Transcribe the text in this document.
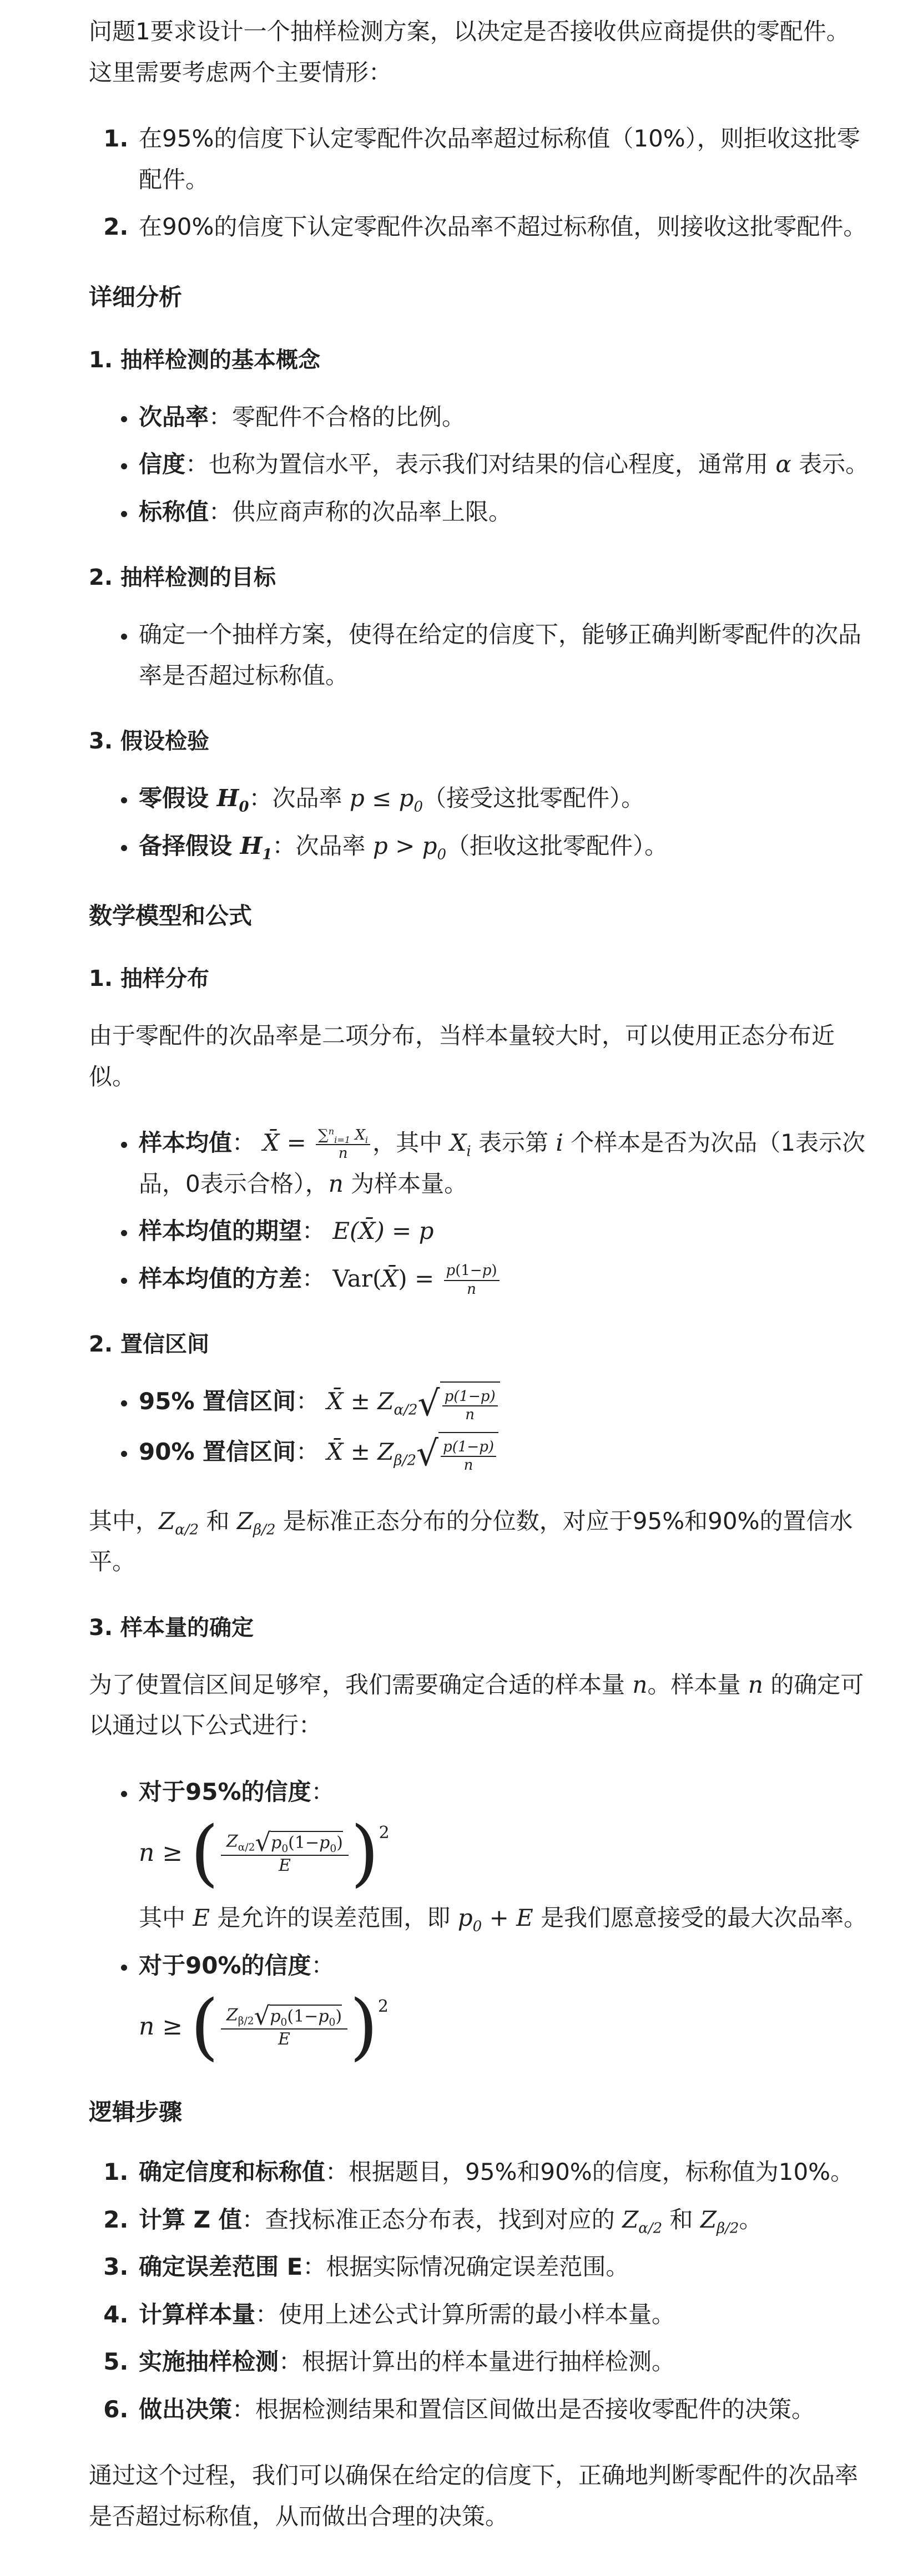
问题1要求设计一个抽样检测方案，以决定是否接收供应商提供的零配件。这里需要考虑两个主要情形：

1. 在95%的信度下认定零配件次品率超过标称值（10%），则拒收这批零配件。
2. 在90%的信度下认定零配件次品率不超过标称值，则接收这批零配件。
详细分析
1. 抽样检测的基本概念
• 次品率：零配件不合格的比例。
• 信度：也称为置信水平，表示我们对结果的信心程度，通常用 α 表示。
• 标称值：供应商声称的次品率上限。
2. 抽样检测的目标
• 确定一个抽样方案，使得在给定的信度下，能够正确判断零配件的次品率是否超过标称值。
3. 假设检验
• 零假设 $H_0$：次品率 $p \le p_0$（接受这批零配件）。
• 备择假设 $H_1$：次品率 $p > p_0$（拒收这批零配件）。
数学模型和公式
1. 抽样分布

由于零配件的次品率是二项分布，当样本量较大时，可以使用正态分布近似。

• 样本均值： X̄ = $\frac{\sum^n_{i=1} X_i}{n}$ ，其中 $X_i$ 表示第 i 个样本是否为次品（1表示次品，0表示合格），n 为样本量。
• 样本均值的期望： E(X̄) = p
• 样本均值的方差： Var(X̄) = $\frac{p(1-p)}{n}$
2. 置信区间
• 95% 置信区间： X̄ ± $Z_{\alpha/2}$ √ $\frac{p(1-p)}{n}$
• 90% 置信区间： X̄ ± $Z_{\beta/2}$ √ $\frac{p(1-p)}{n}$

其中，$Z_{\alpha/2}$ 和 $Z_{\beta/2}$ 是标准正态分布的分位数，对应于95%和90%的置信水平。

3. 样本量的确定

为了使置信区间足够窄，我们需要确定合适的样本量 n。样本量 n 的确定可以通过以下公式进行：

• 对于95%的信度：
n ≥ ( $\frac{Z_{\alpha/2} √ p_0(1-p_0)}{E}$ ) 2
其中 E 是允许的误差范围，即 $p_0 + E$ 是我们愿意接受的最大次品率。
• 对于90%的信度：
n ≥ ( $\frac{Z_{\beta/2} √ p_0(1-p_0)}{E}$ ) 2
逻辑步骤
1. 确定信度和标称值：根据题目，95%和90%的信度，标称值为10%。
2. 计算 Z 值：查找标准正态分布表，找到对应的 $Z_{\alpha/2}$ 和 $Z_{\beta/2}$。
3. 确定误差范围 E：根据实际情况确定误差范围。
4. 计算样本量：使用上述公式计算所需的最小样本量。
5. 实施抽样检测：根据计算出的样本量进行抽样检测。
6. 做出决策：根据检测结果和置信区间做出是否接收零配件的决策。

通过这个过程，我们可以确保在给定的信度下，正确地判断零配件的次品率是否超过标称值，从而做出合理的决策。
